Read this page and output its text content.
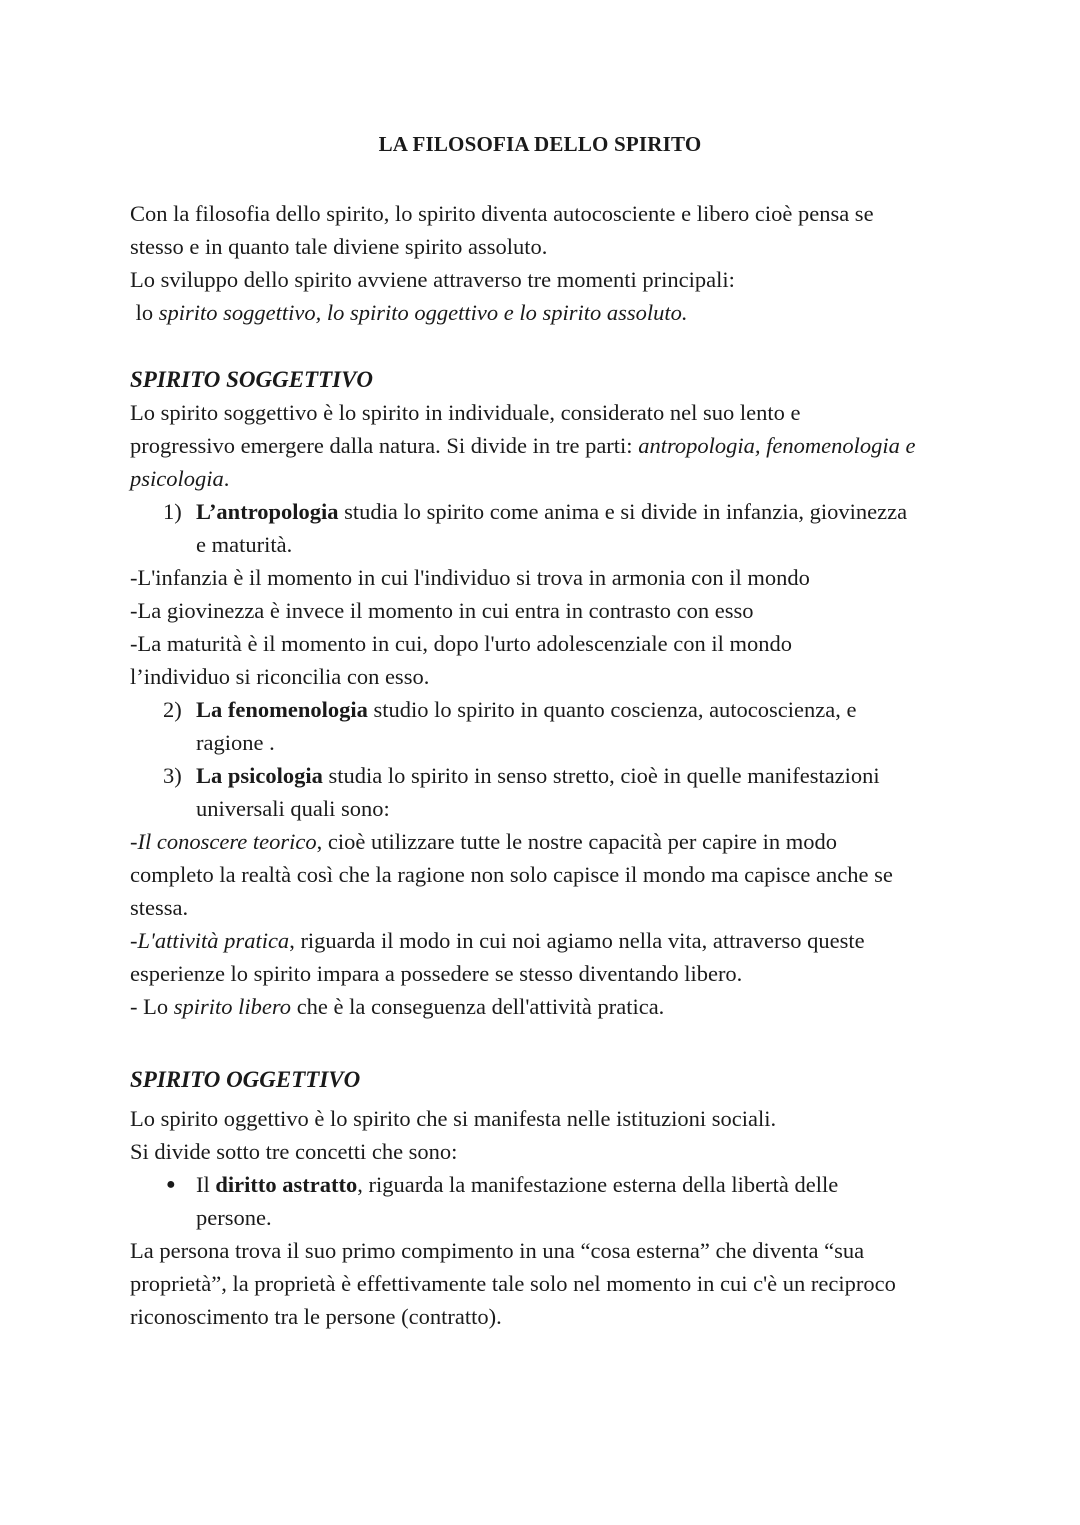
LA FILOSOFIA DELLO SPIRITO
Con la filosofia dello spirito, lo spirito diventa autocosciente e libero cioè pensa se
stesso e in quanto tale diviene spirito assoluto.
Lo sviluppo dello spirito avviene attraverso tre momenti principali:
lo spirito soggettivo, lo spirito oggettivo e lo spirito assoluto.
SPIRITO SOGGETTIVO
Lo spirito soggettivo è lo spirito in individuale, considerato nel suo lento e
progressivo emergere dalla natura. Si divide in tre parti: antropologia, fenomenologia e
psicologia.
1) L’antropologia studia lo spirito come anima e si divide in infanzia, giovinezza
e maturità.
-L'infanzia è il momento in cui l'individuo si trova in armonia con il mondo
-La giovinezza è invece il momento in cui entra in contrasto con esso
-La maturità è il momento in cui, dopo l'urto adolescenziale con il mondo
l’individuo si riconcilia con esso.
2) La fenomenologia studio lo spirito in quanto coscienza, autocoscienza, e
ragione .
3) La psicologia studia lo spirito in senso stretto, cioè in quelle manifestazioni
universali quali sono:
-Il conoscere teorico, cioè utilizzare tutte le nostre capacità per capire in modo
completo la realtà così che la ragione non solo capisce il mondo ma capisce anche se
stessa.
-L'attività pratica, riguarda il modo in cui noi agiamo nella vita, attraverso queste
esperienze lo spirito impara a possedere se stesso diventando libero.
- Lo spirito libero che è la conseguenza dell'attività pratica.
SPIRITO OGGETTIVO
Lo spirito oggettivo è lo spirito che si manifesta nelle istituzioni sociali.
Si divide sotto tre concetti che sono:
● Il diritto astratto, riguarda la manifestazione esterna della libertà delle
persone.
La persona trova il suo primo compimento in una “cosa esterna” che diventa “sua
proprietà”, la proprietà è effettivamente tale solo nel momento in cui c'è un reciproco
riconoscimento tra le persone (contratto).
